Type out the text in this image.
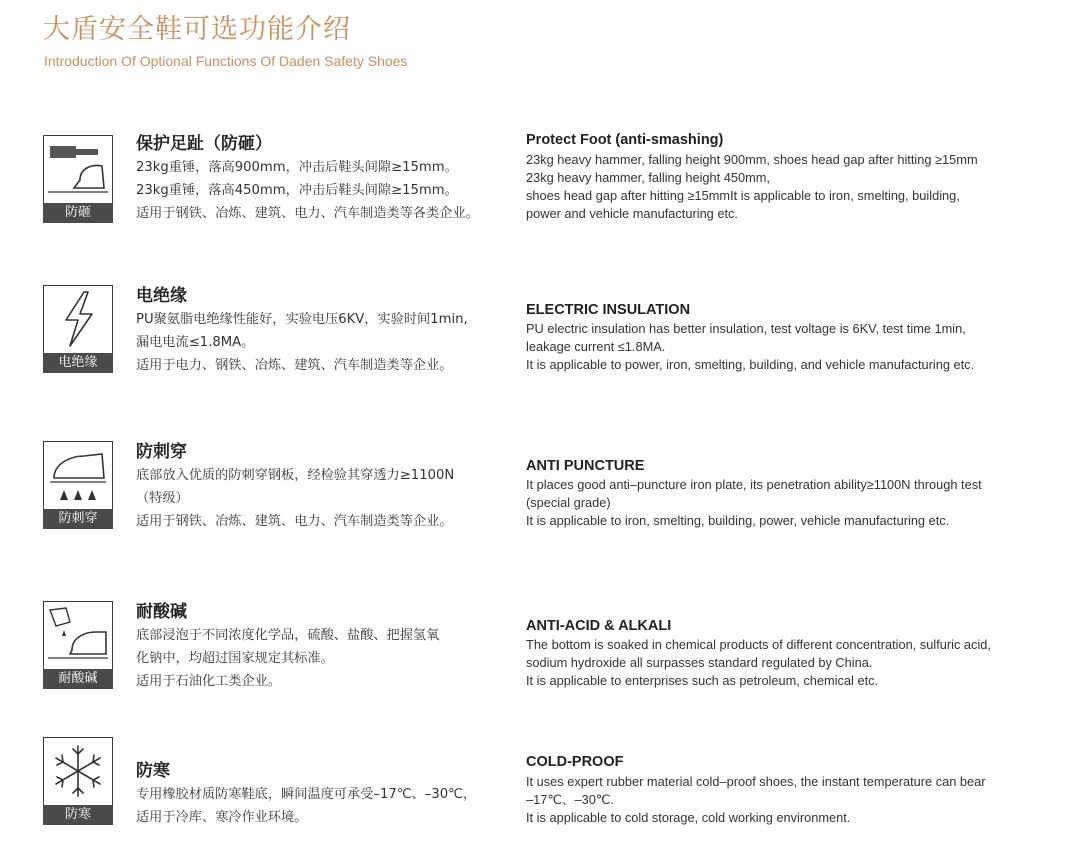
大盾安全鞋可选功能介绍
Introduction Of Optional Functions Of Daden Safety Shoes
防砸
保护足趾（防砸）
23kg重锤，落高900mm，冲击后鞋头间隙≥15mm。
23kg重锤，落高450mm，冲击后鞋头间隙≥15mm。
适用于钢铁、冶炼、建筑、电力、汽车制造类等各类企业。
Protect Foot (anti-smashing)
23kg heavy hammer, falling height 900mm, shoes head gap after hitting ≥15mm
23kg heavy hammer, falling height 450mm,
shoes head gap after hitting ≥15mmIt is applicable to iron, smelting, building,
power and vehicle manufacturing etc.
电绝缘
电绝缘
PU聚氨脂电绝缘性能好，实验电压6KV，实验时间1min,
漏电电流≤1.8MA。
适用于电力、钢铁、冶炼、建筑、汽车制造类等企业。
ELECTRIC INSULATION
PU electric insulation has better insulation, test voltage is 6KV, test time 1min,
leakage current ≤1.8MA.
It is applicable to power, iron, smelting, building, and vehicle manufacturing etc.
防刺穿
防刺穿
底部放入优质的防刺穿钢板，经检验其穿透力≥1100N
（特级）
适用于钢铁、冶炼、建筑、电力、汽车制造类等企业。
ANTI PUNCTURE
It places good anti–puncture iron plate, its penetration ability≥1100N through test
(special grade)
It is applicable to iron, smelting, building, power, vehicle manufacturing etc.
耐酸碱
耐酸碱
底部浸泡于不同浓度化学品，硫酸、盐酸、把握氢氧
化钠中，均超过国家规定其标准。
适用于石油化工类企业。
ANTI-ACID & ALKALI
The bottom is soaked in chemical products of different concentration, sulfuric acid,
sodium hydroxide all surpasses standard regulated by China.
It is applicable to enterprises such as petroleum, chemical etc.
防寒
防寒
专用橡胶材质防寒鞋底，瞬间温度可承受–17℃、–30℃，
适用于冷库、寒冷作业环境。
COLD-PROOF
It uses expert rubber material cold–proof shoes, the instant temperature can bear
–17℃、–30℃.
It is applicable to cold storage, cold working environment.
